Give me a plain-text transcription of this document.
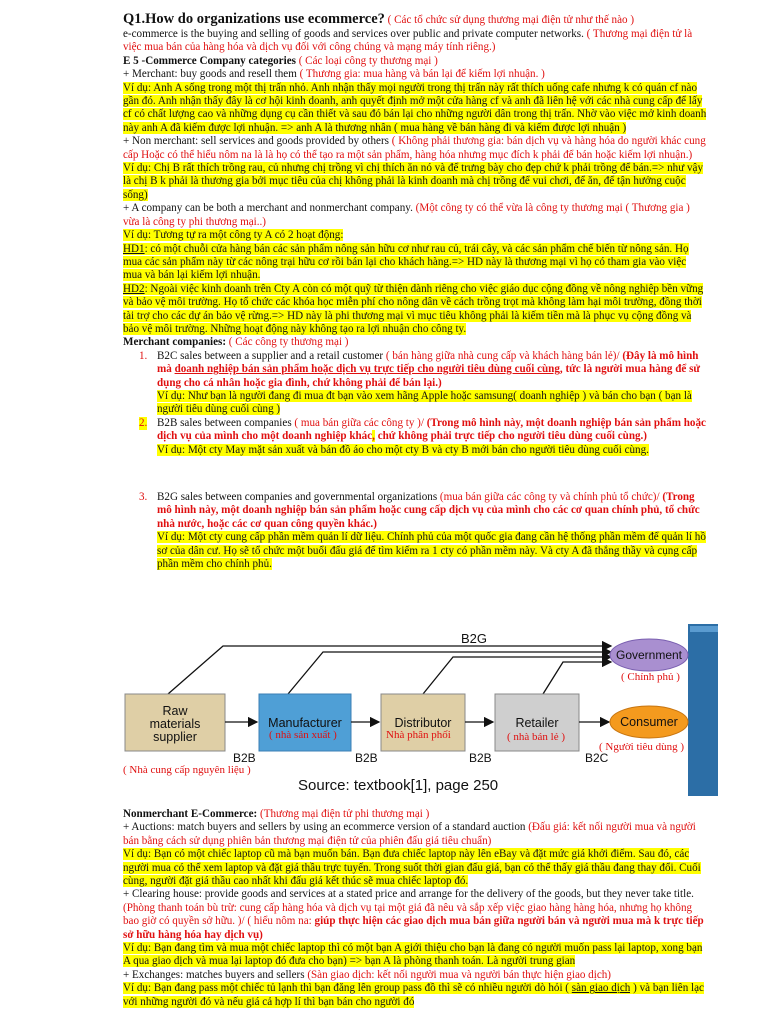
Q1.How do organizations use ecommerce? ( Các tổ chức sử dụng thương mại điện tử như thế nào )

e-commerce is the buying and selling of goods and services over public and private computer networks. ( Thương mại điện tử là việc mua bán của hàng hóa và dịch vụ đối với công chúng và mạng máy tính riêng.)

E 5 -Commerce Company categories ( Các loại công ty thương mại )

+ Merchant: buy goods and resell them ( Thương gia: mua hàng và bán lại để kiếm lợi nhuận. )

Ví dụ: Anh A sống trong một thị trấn nhỏ. Anh nhận thấy mọi người trong thị trấn này rất thích uống cafe nhưng k có quán cf nào gần đó. Anh nhận thấy đây là cơ hội kinh doanh, anh quyết định mở một cửa hàng cf và anh đã liên hệ với các nhà cung cấp để lấy cf có chất lượng cao và những dụng cụ cần thiết và sau đó bán lại cho những người dân trong thị trấn. Nhờ vào việc mở kinh doanh này anh A đã kiếm được lợi nhuận. => anh A là thương nhân ( mua hàng về bán hàng đi và kiếm được lợi nhuận )

+ Non merchant: sell services and goods provided by others ( Không phải thương gia: bán dịch vụ và hàng hóa do người khác cung cấp Hoặc có thể hiểu nôm na là là họ có thể tạo ra một sản phẩm, hàng hóa nhưng mục đích k phải để bán hoặc kiếm lợi nhuận.)

Ví dụ: Chị B rất thích trồng rau, củ nhưng chị trồng vì chị thích ăn nó và để trưng bày cho đẹp chứ k phải trồng để bán.=> như vậy là chị B k phải là thương gia bởi mục tiêu của chị không phải là kinh doanh mà chị trồng để vui chơi, để ăn, để tận hưởng cuộc sống)

+ A company can be both a merchant and nonmerchant company. (Một công ty có thể vừa là công ty thương mại ( Thương gia ) vừa là công ty phi thương mại..)

Ví dụ: Tương tự ra một công ty A có 2 hoạt động:

HD1: có một chuỗi cửa hàng bán các sản phẩm nông sản hữu cơ như rau củ, trái cây, và các sản phẩm chế biến từ nông sản. Họ mua các sản phẩm này từ các nông trại hữu cơ rồi bán lại cho khách hàng.=> HD này là thương mại vì họ có tham gia vào việc mua và bán lại kiếm lợi nhuận.

HD2: Ngoài việc kinh doanh trên Cty A còn có một quỹ từ thiện dành riêng cho việc giáo dục cộng đồng về nông nghiệp bền vững và bảo vệ môi trường. Họ tổ chức các khóa học miễn phí cho nông dân về cách trồng trọt mà không làm hại môi trường, đồng thời tài trợ cho các dự án bảo vệ rừng.=> HD này là phi thương mại vì mục tiêu không phải là kiếm tiền mà là phục vụ cộng đồng và bảo vệ môi trường. Những hoạt động này không tạo ra lợi nhuận cho công ty.

Merchant companies: ( Các công ty thương mại )

1. B2C sales between a supplier and a retail customer ( bán hàng giữa nhà cung cấp và khách hàng bán lẻ)/ (Đây là mô hình mà doanh nghiệp bán sản phẩm hoặc dịch vụ trực tiếp cho người tiêu dùng cuối cùng, tức là người mua hàng để sử dụng cho cá nhân hoặc gia đình, chứ không phải để bán lại.)

Ví dụ: Như bạn là người đang đi mua đt bạn vào xem hãng Apple hoặc samsung( doanh nghiệp ) và bán cho bạn ( bạn là người tiêu dùng cuối cùng )

2. B2B sales between companies ( mua bán giữa các công ty )/ (Trong mô hình này, một doanh nghiệp bán sản phẩm hoặc dịch vụ của mình cho một doanh nghiệp khác, chứ không phải trực tiếp cho người tiêu dùng cuối cùng.)

Ví dụ: Một cty May mặt sản xuất và bán đồ áo cho một cty B và cty B mới bán cho người tiêu dùng cuối cùng.

3. B2G sales between companies and governmental organizations (mua bán giữa các công ty và chính phủ tổ chức)/ (Trong mô hình này, một doanh nghiệp bán sản phẩm hoặc cung cấp dịch vụ của mình cho các cơ quan chính phủ, tổ chức nhà nước, hoặc các cơ quan công quyền khác.)

Ví dụ: Một cty cung cấp phần mềm quản lí dữ liệu. Chính phủ của một quốc gia đang cần hệ thống phần mềm để quản lí hồ sơ của dân cư. Họ sẽ tổ chức một buổi đấu giá để tìm kiếm ra 1 cty có phần mềm này. Và cty A đã thắng thầy và cụng cấp phần mềm cho chính phủ.

B2G
Raw materials supplier
Manufacturer	Distributor	Retailer
Government
Consumer
( Chính phủ )
( nhà sản xuất )	Nhà phân phối	( nhà bán lẻ )
( Người tiêu dùng )
( Nhà cung cấp nguyên liệu )
B2B	B2B	B2B	B2C
Source: textbook[1], page 250

Nonmerchant E-Commerce: (Thương mại điện tử phi thương mại )

+ Auctions: match buyers and sellers by using an ecommerce version of a standard auction (Đấu giá: kết nối người mua và người bán bằng cách sử dụng phiên bản thương mại điện tử của phiên đấu giá tiêu chuẩn)

Ví dụ: Bạn có một chiếc laptop cũ mà bạn muốn bán. Bạn đưa chiếc laptop này lên eBay và đặt mức giá khởi điểm. Sau đó, các người mua có thể xem laptop và đặt giá thầu trực tuyến. Trong suốt thời gian đấu giá, bạn có thể thấy giá thầu đang thay đổi. Cuối cùng, người đặt giá thầu cao nhất khi đấu giá kết thúc sẽ mua chiếc laptop đó.

+ Clearing house: provide goods and services at a stated price and arrange for the delivery of the goods, but they never take title. (Phòng thanh toán bù trừ: cung cấp hàng hóa và dịch vụ tại một giá đã nêu và sắp xếp việc giao hàng hàng hóa, nhưng họ không bao giờ có quyền sở hữu. )/ ( hiểu nôm na: giúp thực hiện các giao dịch mua bán giữa người bán và người mua mà k trực tiếp sở hữu hàng hóa hay dịch vụ)

Ví dụ: Bạn đang tìm và mua một chiếc laptop thì có một bạn A giới thiệu cho bạn là đang có người muốn pass lại laptop, xong bạn A qua giao dịch và mua lại laptop đó đưa cho bạn) => bạn A là phòng thanh toán. Là người trung gian

+ Exchanges: matches buyers and sellers (Sàn giao dịch: kết nối người mua và người bán thực hiện giao dịch)

Ví dụ: Bạn đang pass một chiếc tủ lạnh thì bạn đăng lên group pass đồ thì sẽ có nhiều người dò hỏi ( sàn giao dịch ) và bạn liên lạc với những người đó và nếu giá cả hợp lí thì bạn bán cho người đó
